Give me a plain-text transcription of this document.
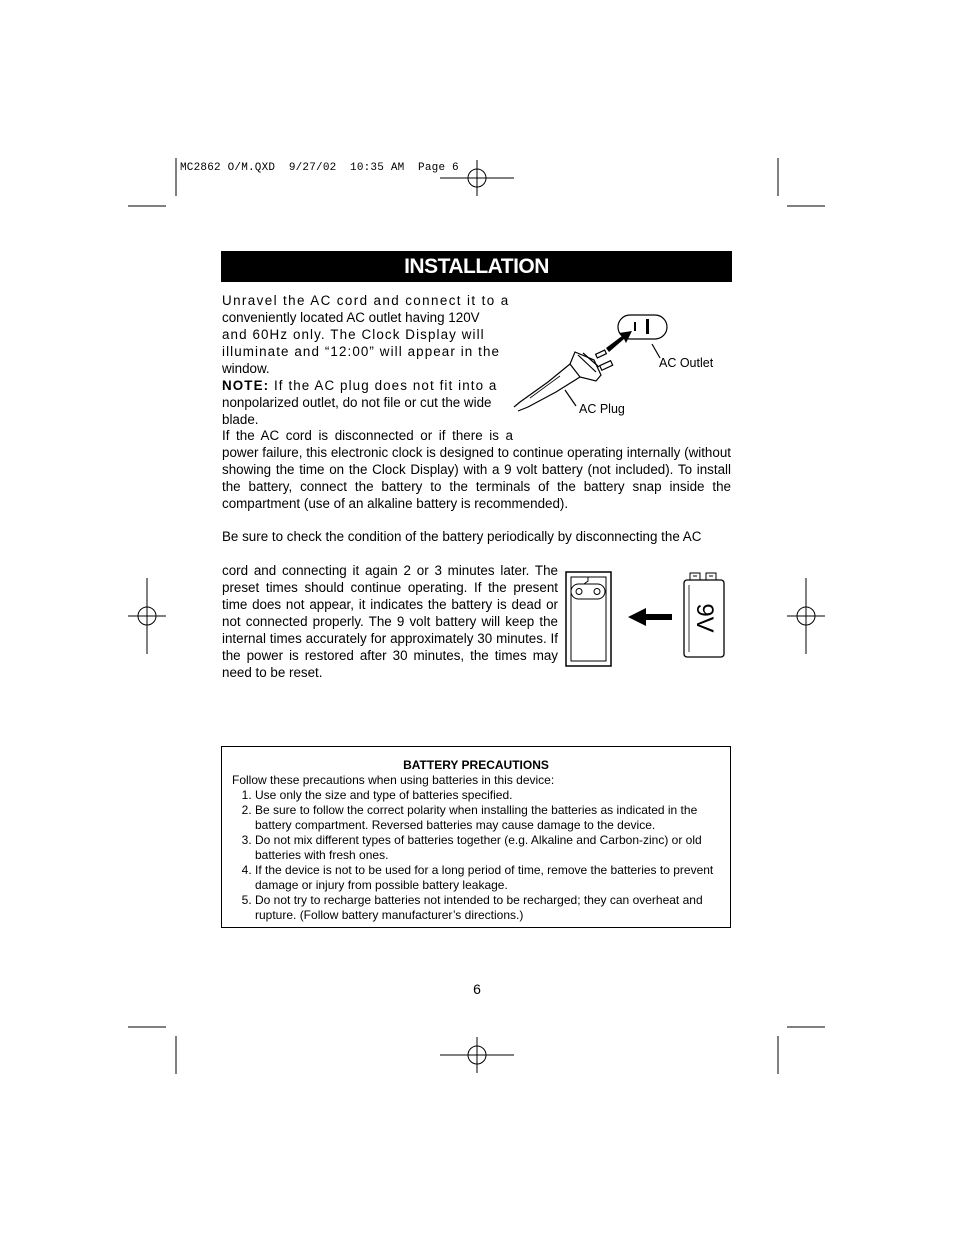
MC2862 O/M.QXD  9/27/02  10:35 AM  Page 6
INSTALLATION
Unravel the AC cord and connect it to a
conveniently located AC outlet having 120V
and 60Hz only. The Clock Display will
illuminate and “12:00” will appear in the
window.
NOTE: If the AC plug does not fit into a
nonpolarized outlet, do not file or cut the wide
blade.
AC Outlet
AC Plug
If the AC cord is disconnected or if there is a
power failure, this electronic clock is designed to continue operating internally (without showing the time on the Clock Display) with a 9 volt battery (not included). To install the battery, connect the battery to the terminals of the battery snap inside the compartment (use of an alkaline battery is recommended).
Be sure to check the condition of the battery periodically by disconnecting the AC
cord and connecting it again 2 or 3 minutes later. The preset times should continue operating. If the present time does not appear, it indicates the battery is dead or not connected properly. The 9 volt battery will keep the internal times accurately for approximately 30 minutes. If the power is restored after 30 minutes, the times may need to be reset.
9V
BATTERY PRECAUTIONS
Follow these precautions when using batteries in this device:
1. Use only the size and type of batteries specified.
2. Be sure to follow the correct polarity when installing the batteries as indicated in the battery compartment. Reversed batteries may cause damage to the device.
3. Do not mix different types of batteries together (e.g. Alkaline and Carbon-zinc) or old batteries with fresh ones.
4. If the device is not to be used for a long period of time, remove the batteries to prevent damage or injury from possible battery leakage.
5. Do not try to recharge batteries not intended to be recharged; they can overheat and rupture. (Follow battery manufacturer’s directions.)
6
